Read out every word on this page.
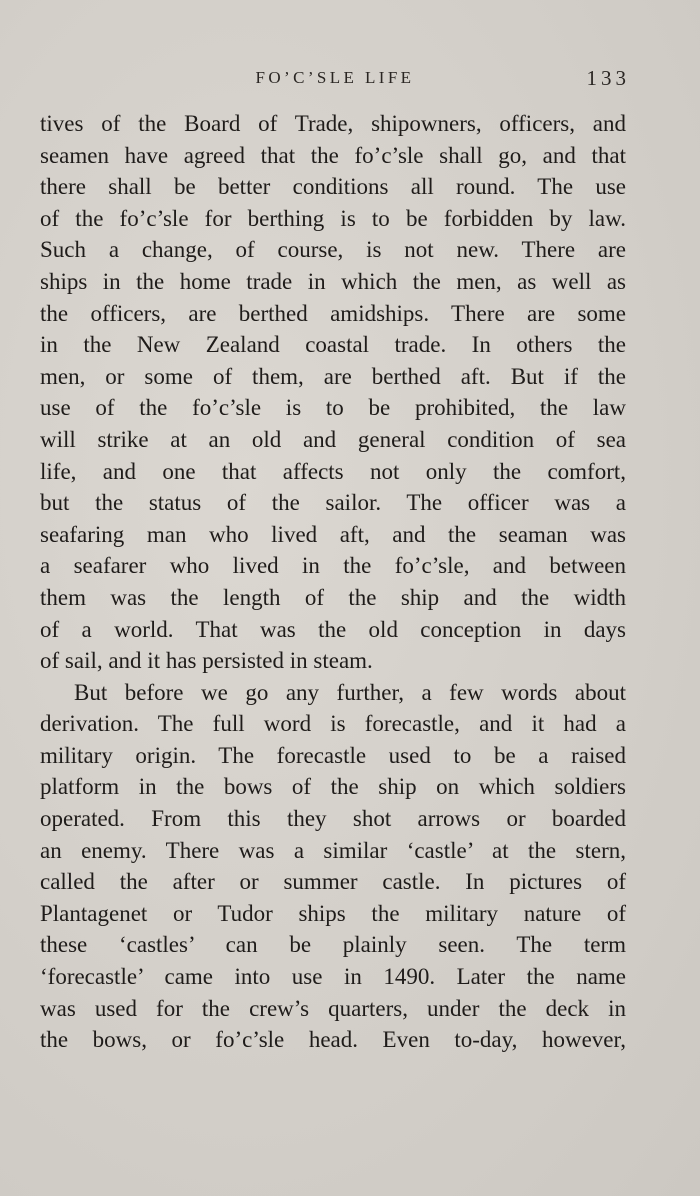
FO’C’SLE LIFE	133
tives of the Board of Trade, shipowners, officers, and
seamen have agreed that the fo’c’sle shall go, and that
there shall be better conditions all round. The use
of the fo’c’sle for berthing is to be forbidden by law.
Such a change, of course, is not new. There are
ships in the home trade in which the men, as well as
the officers, are berthed amidships. There are some
in the New Zealand coastal trade. In others the
men, or some of them, are berthed aft. But if the
use of the fo’c’sle is to be prohibited, the law
will strike at an old and general condition of sea
life, and one that affects not only the comfort,
but the status of the sailor. The officer was a
seafaring man who lived aft, and the seaman was
a seafarer who lived in the fo’c’sle, and between
them was the length of the ship and the width
of a world. That was the old conception in days
of sail, and it has persisted in steam.
But before we go any further, a few words about
derivation. The full word is forecastle, and it had a
military origin. The forecastle used to be a raised
platform in the bows of the ship on which soldiers
operated. From this they shot arrows or boarded
an enemy. There was a similar ‘castle’ at the stern,
called the after or summer castle. In pictures of
Plantagenet or Tudor ships the military nature of
these ‘castles’ can be plainly seen. The term
‘forecastle’ came into use in 1490. Later the name
was used for the crew’s quarters, under the deck in
the bows, or fo’c’sle head. Even to-day, however,
